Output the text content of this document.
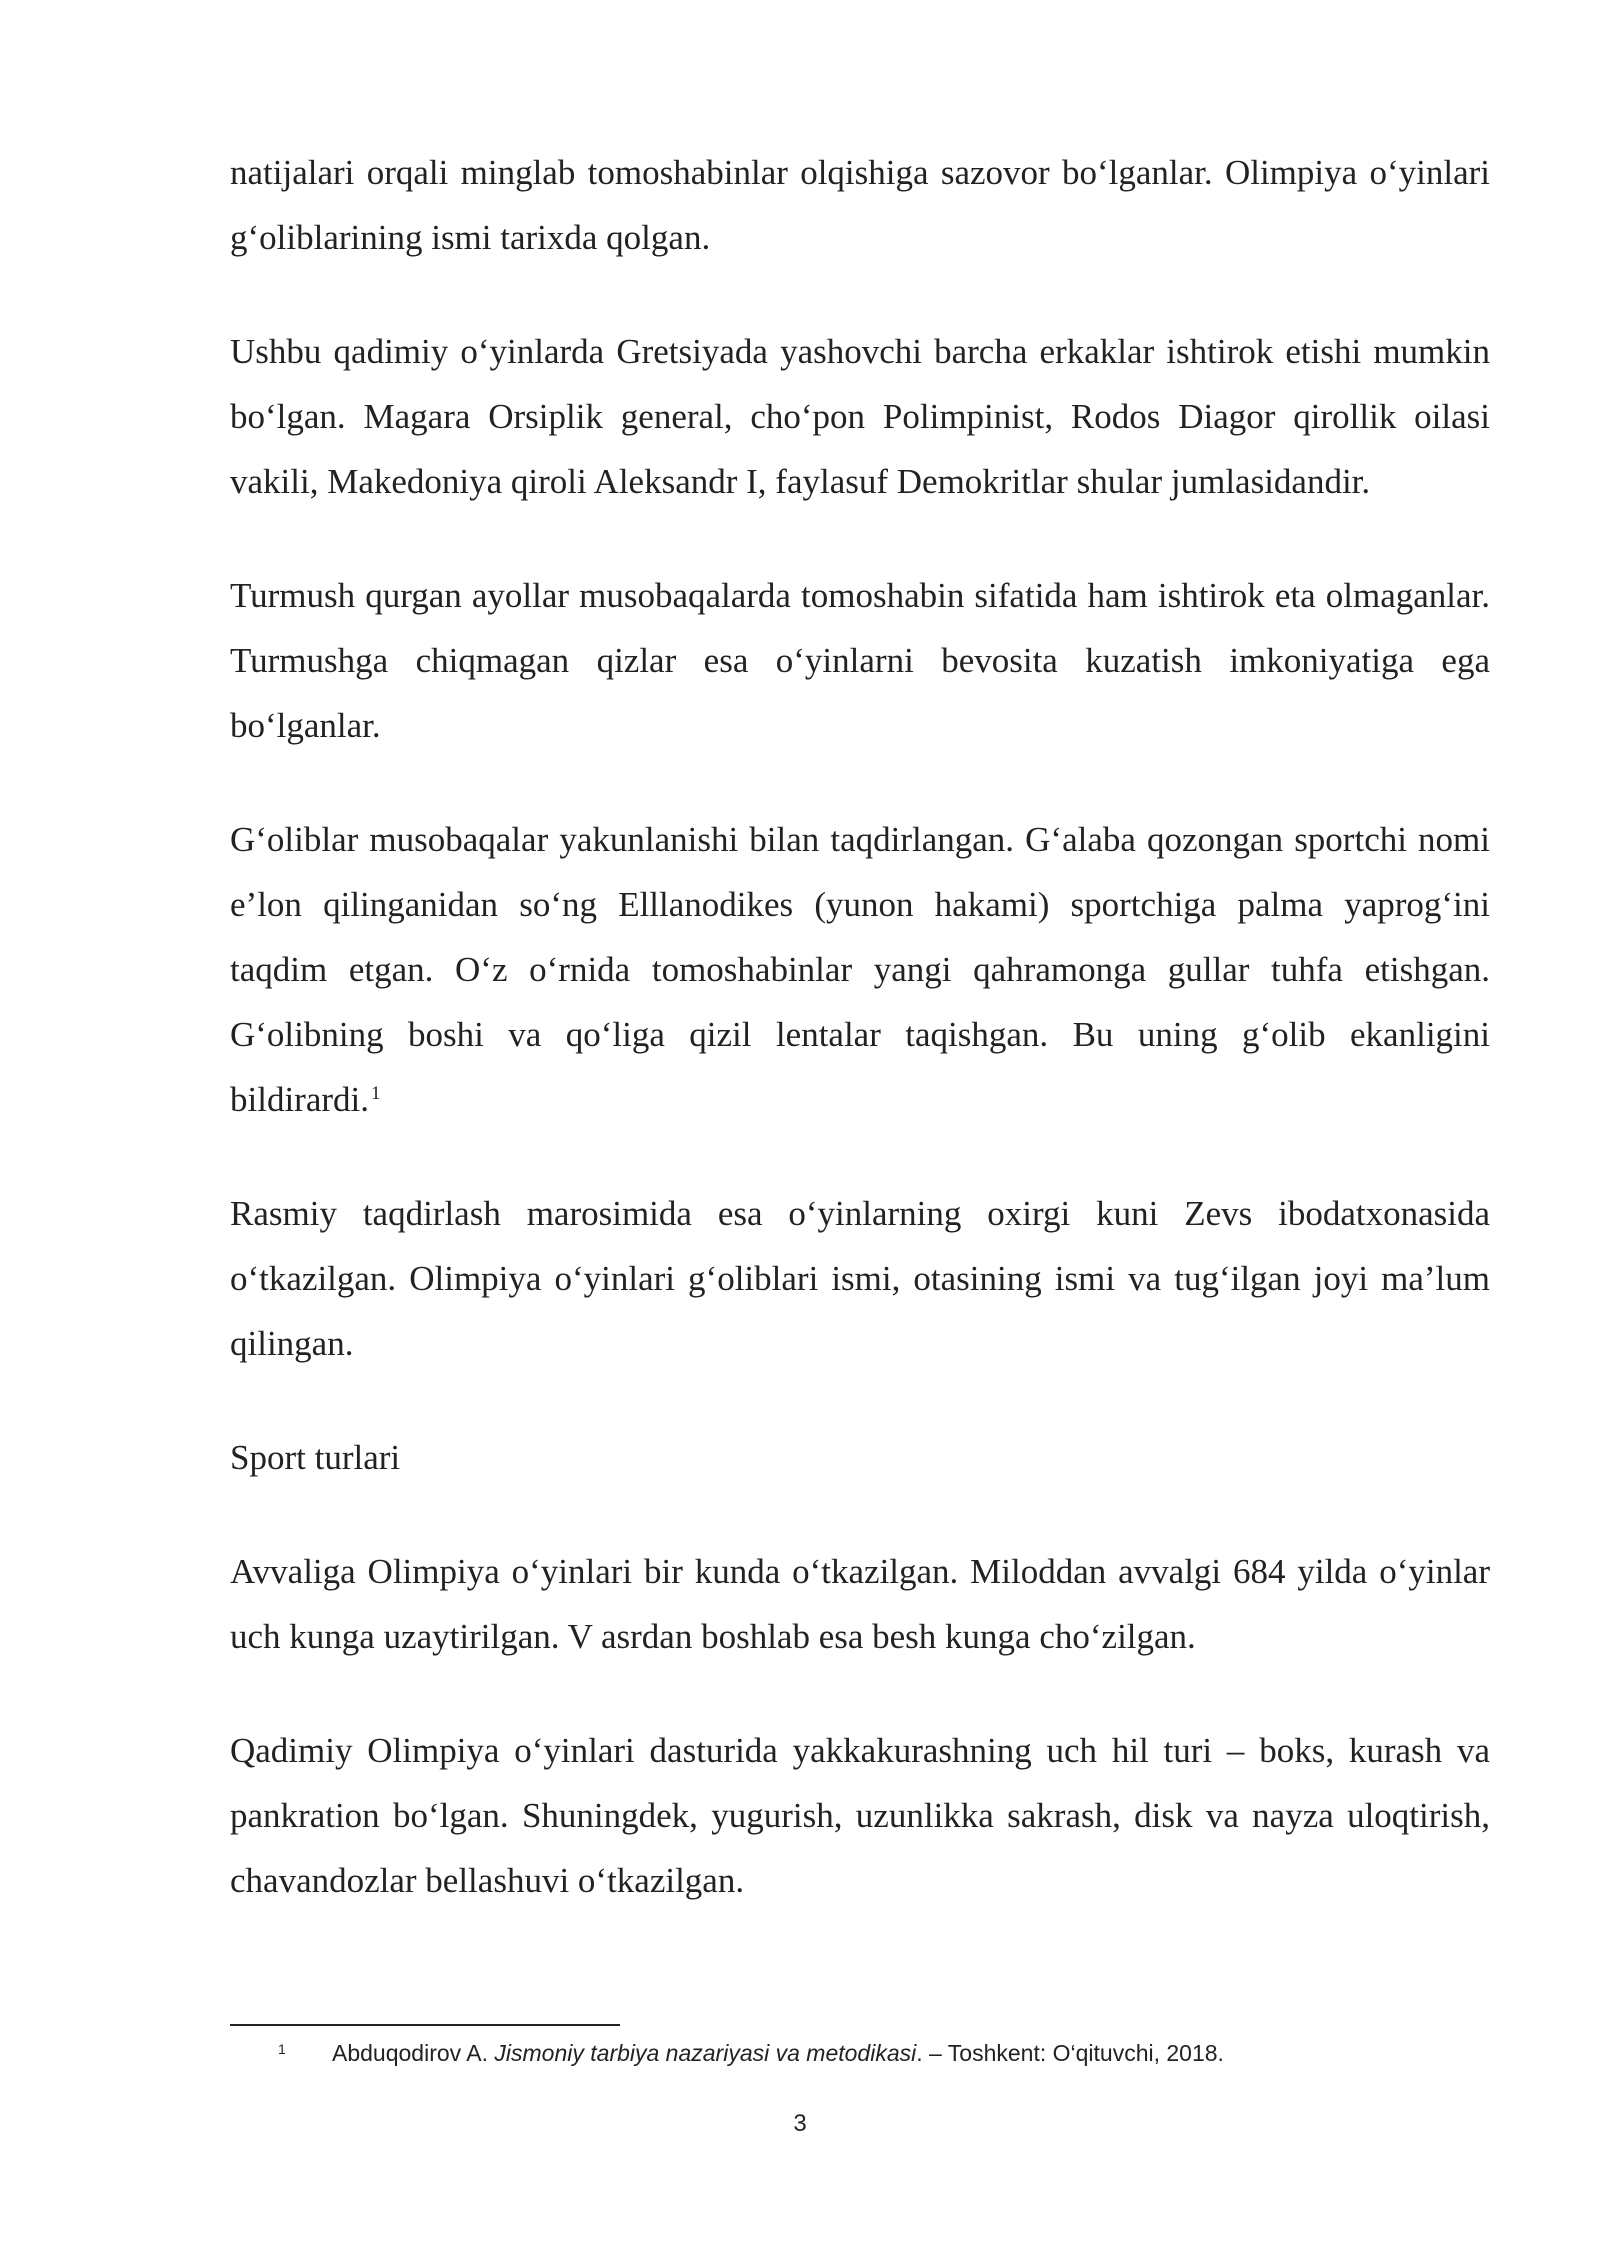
natijalari orqali minglab tomoshabinlar olqishiga sazovor bo‘lganlar. Olimpiya o‘yinlari g‘oliblarining ismi tarixda qolgan.

Ushbu qadimiy o‘yinlarda Gretsiyada yashovchi barcha erkaklar ishtirok etishi mumkin bo‘lgan. Magara Orsiplik general, cho‘pon Polimpinist, Rodos Diagor qirollik oilasi vakili, Makedoniya qiroli Aleksandr I, faylasuf Demokritlar shular jumlasidandir.

Turmush qurgan ayollar musobaqalarda tomoshabin sifatida ham ishtirok eta olmaganlar. Turmushga chiqmagan qizlar esa o‘yinlarni bevosita kuzatish imkoniyatiga ega bo‘lganlar.

G‘oliblar musobaqalar yakunlanishi bilan taqdirlangan. G‘alaba qozongan sportchi nomi e’lon qilinganidan so‘ng Elllanodikes (yunon hakami) sportchiga palma yaprog‘ini taqdim etgan. O‘z o‘rnida tomoshabinlar yangi qahramonga gullar tuhfa etishgan. G‘olibning boshi va qo‘liga qizil lentalar taqishgan. Bu uning g‘olib ekanligini bildirardi. $^1$

Rasmiy taqdirlash marosimida esa o‘yinlarning oxirgi kuni Zevs ibodatxonasida o‘tkazilgan. Olimpiya o‘yinlari g‘oliblari ismi, otasining ismi va tug‘ilgan joyi ma’lum qilingan.

Sport turlari

Avvaliga Olimpiya o‘yinlari bir kunda o‘tkazilgan. Miloddan avvalgi 684 yilda o‘yinlar uch kunga uzaytirilgan. V asrdan boshlab esa besh kunga cho‘zilgan.

Qadimiy Olimpiya o‘yinlari dasturida yakkakurashning uch hil turi – boks, kurash va pankration bo‘lgan. Shuningdek, yugurish, uzunlikka sakrash, disk va nayza uloqtirish, chavandozlar bellashuvi o‘tkazilgan.

1 Abduqodirov A. Jismoniy tarbiya nazariyasi va metodikasi. – Toshkent: O‘qituvchi, 2018.
3
